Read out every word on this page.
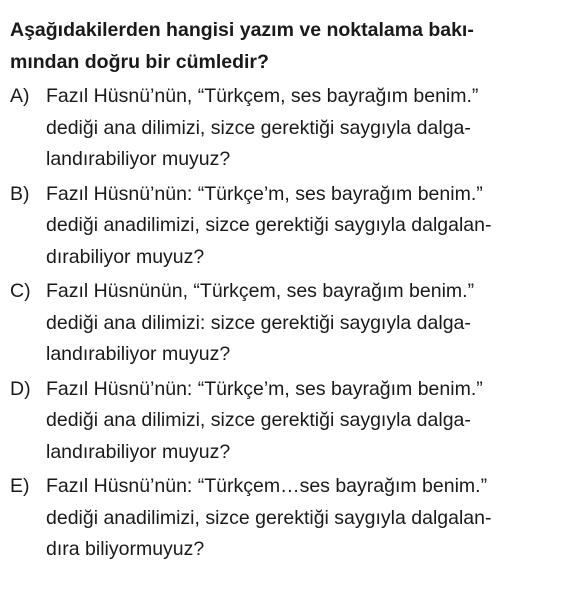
Aşağıdakilerden hangisi yazım ve noktalama bakı-
mından doğru bir cümledir?
A) Fazıl Hüsnü’nün, “Türkçem, ses bayrağım benim.”
dediği ana dilimizi, sizce gerektiği saygıyla dalga-
landırabiliyor muyuz?
B) Fazıl Hüsnü’nün: “Türkçe’m, ses bayrağım benim.”
dediği anadilimizi, sizce gerektiği saygıyla dalgalan-
dırabiliyor muyuz?
C) Fazıl Hüsnünün, “Türkçem, ses bayrağım benim.”
dediği ana dilimizi: sizce gerektiği saygıyla dalga-
landırabiliyor muyuz?
D) Fazıl Hüsnü’nün: “Türkçe’m, ses bayrağım benim.”
dediği ana dilimizi, sizce gerektiği saygıyla dalga-
landırabiliyor muyuz?
E) Fazıl Hüsnü’nün: “Türkçem…ses bayrağım benim.”
dediği anadilimizi, sizce gerektiği saygıyla dalgalan-
dıra biliyormuyuz?
